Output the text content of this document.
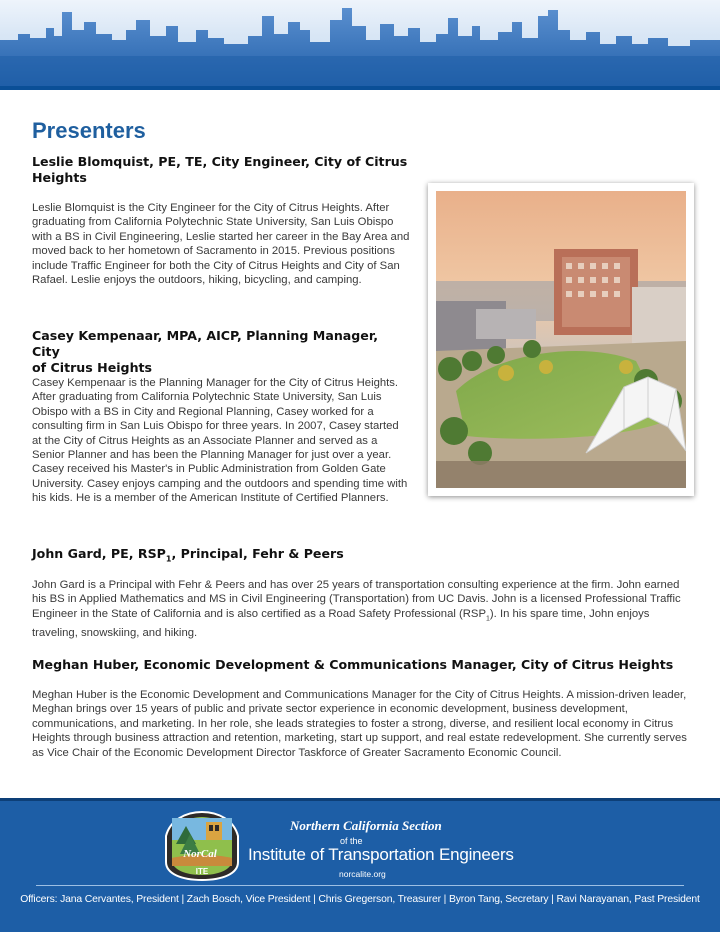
Presenters

Leslie Blomquist, PE, TE, City Engineer, City of Citrus
Heights

Leslie Blomquist is the City Engineer for the City of Citrus Heights. After graduating from California Polytechnic State University, San Luis Obispo with a BS in Civil Engineering, Leslie started her career in the Bay Area and moved back to her hometown of Sacramento in 2015. Previous positions include Traffic Engineer for both the City of Citrus Heights and City of San Rafael. Leslie enjoys the outdoors, hiking, bicycling, and camping.

Casey Kempenaar, MPA, AICP, Planning Manager, City
of Citrus Heights

Casey Kempenaar is the Planning Manager for the City of Citrus Heights. After graduating from California Polytechnic State University, San Luis Obispo with a BS in City and Regional Planning, Casey worked for a consulting firm in San Luis Obispo for three years. In 2007, Casey started at the City of Citrus Heights as an Associate Planner and served as a Senior Planner and has been the Planning Manager for just over a year. Casey received his Master's in Public Administration from Golden Gate University. Casey enjoys camping and the outdoors and spending time with his kids. He is a member of the American Institute of Certified Planners.

John Gard, PE, $RSP_1$, Principal, Fehr & Peers

John Gard is a Principal with Fehr & Peers and has over 25 years of transportation consulting experience at the firm. John earned his BS in Applied Mathematics and MS in Civil Engineering (Transportation) from UC Davis. John is a licensed Professional Traffic Engineer in the State of California and is also certified as a Road Safety Professional $(RSP_1)$. In his spare time, John enjoys traveling, snowskiing, and hiking.

Meghan Huber, Economic Development & Communications Manager, City of Citrus Heights

Meghan Huber is the Economic Development and Communications Manager for the City of Citrus Heights. A mission-driven leader, Meghan brings over 15 years of public and private sector experience in economic development, business development, communications, and marketing. In her role, she leads strategies to foster a strong, diverse, and resilient local economy in Citrus Heights through business attraction and retention, marketing, start up support, and real estate redevelopment. She currently serves as Vice Chair of the Economic Development Director Taskforce of Greater Sacramento Economic Council.

NorCal
ITE

Northern California Section

of the

Institute of Transportation Engineers

norcalite.org

Officers: Jana Cervantes, President | Zach Bosch, Vice President | Chris Gregerson, Treasurer | Byron Tang, Secretary | Ravi Narayanan, Past President
